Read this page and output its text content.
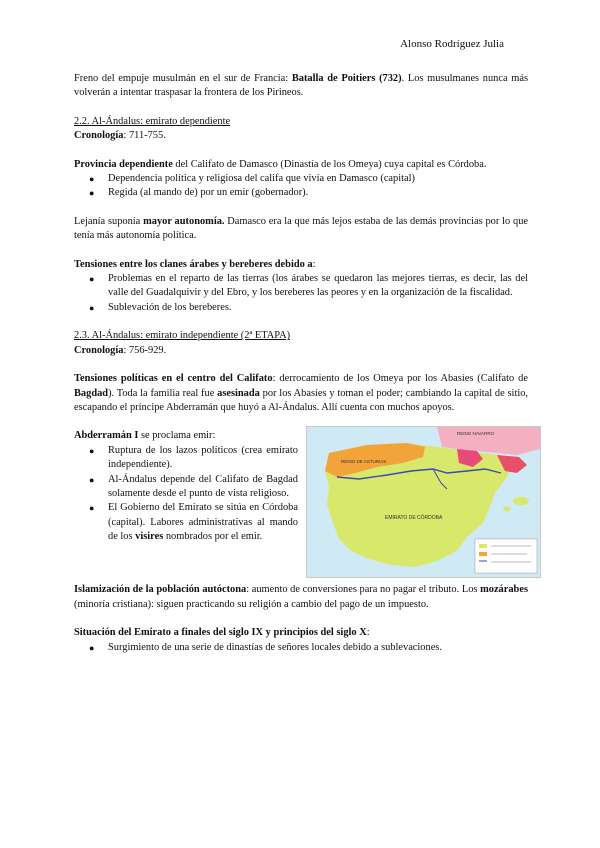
Alonso Rodríguez Julia

Freno del empuje musulmán en el sur de Francia: Batalla de Poitiers (732). Los musulmanes nunca más volverán a intentar traspasar la frontera de los Pirineos.

2.2. Al-Ándalus: emirato dependiente

Cronología: 711-755.

Provincia dependiente del Califato de Damasco (Dinastía de los Omeya) cuya capital es Córdoba.

● Dependencia política y religiosa del califa que vivía en Damasco (capital)
● Regida (al mando de) por un emir (gobernador).

Lejanía suponía mayor autonomía. Damasco era la que más lejos estaba de las demás provincias por lo que tenía más autonomía política.

Tensiones entre los clanes árabes y bereberes debido a:

● Problemas en el reparto de las tierras (los árabes se quedaron las mejores tierras, es decir, las del valle del Guadalquivir y del Ebro, y los bereberes las peores y en la organización de la fiscalidad.
● Sublevación de los bereberes.

2.3. Al-Ándalus: emirato independiente (2ª ETAPA)

Cronología: 756-929.

Tensiones políticas en el centro del Califato: derrocamiento de los Omeya por los Abasíes (Califato de Bagdad). Toda la familia real fue asesinada por los Abasíes y toman el poder; cambiando la capital de sitio, escapando el príncipe Abderramán que huyó a Al-Ándalus. Allí cuenta con muchos apoyos.

Abderramán I se proclama emir:

● Ruptura de los lazos políticos (crea emirato independiente).
● Al-Ándalus depende del Califato de Bagdad solamente desde el punto de vista religioso.
● El Gobierno del Emirato se sitúa en Córdoba (capital). Labores administrativas al mando de los visires nombrados por el emir.
REINO NAVARRO
REINO DE ASTURIAS
EMIRATO DE CÓRDOBA

Islamización de la población autóctona: aumento de conversiones para no pagar el tributo. Los mozárabes (minoría cristiana): siguen practicando su religión a cambio del pago de un impuesto.

Situación del Emirato a finales del siglo IX y principios del siglo X:

● Surgimiento de una serie de dinastías de señores locales debido a sublevaciones.
